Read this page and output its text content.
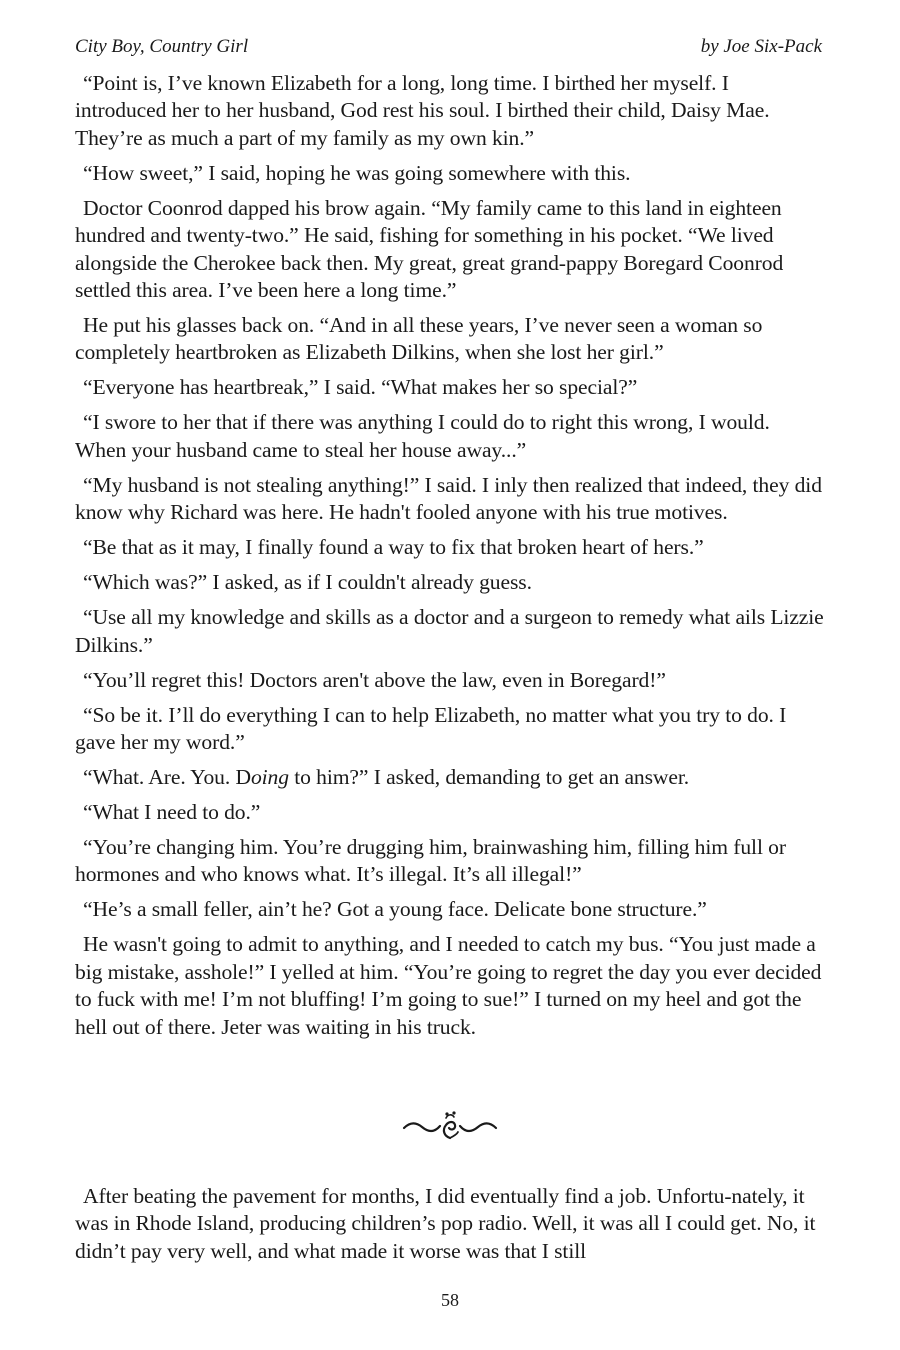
City Boy, Country Girl	by Joe Six-Pack

“Point is, I’ve known Elizabeth for a long, long time. I birthed her myself. I introduced her to her husband, God rest his soul. I birthed their child, Daisy Mae. They’re as much a part of my family as my own kin.”

“How sweet,” I said, hoping he was going somewhere with this.

Doctor Coonrod dapped his brow again. “My family came to this land in eighteen hundred and twenty-two.” He said, fishing for something in his pocket. “We lived alongside the Cherokee back then. My great, great grand-pappy Boregard Coonrod settled this area. I’ve been here a long time.”

He put his glasses back on. “And in all these years, I’ve never seen a woman so completely heartbroken as Elizabeth Dilkins, when she lost her girl.”

“Everyone has heartbreak,” I said. “What makes her so special?”

“I swore to her that if there was anything I could do to right this wrong, I would. When your husband came to steal her house away...”

“My husband is not stealing anything!” I said. I inly then realized that indeed, they did know why Richard was here. He hadn't fooled anyone with his true motives.

“Be that as it may, I finally found a way to fix that broken heart of hers.”

“Which was?” I asked, as if I couldn't already guess.

“Use all my knowledge and skills as a doctor and a surgeon to remedy what ails Lizzie Dilkins.”

“You’ll regret this! Doctors aren't above the law, even in Boregard!”

“So be it. I’ll do everything I can to help Elizabeth, no matter what you try to do. I gave her my word.”

“What. Are. You. Doing to him?” I asked, demanding to get an answer.

“What I need to do.”

“You’re changing him. You’re drugging him, brainwashing him, filling him full or hormones and who knows what. It’s illegal. It’s all illegal!”

“He’s a small feller, ain’t he? Got a young face. Delicate bone structure.”

He wasn't going to admit to anything, and I needed to catch my bus. “You just made a big mistake, asshole!” I yelled at him. “You’re going to regret the day you ever decided to fuck with me! I’m not bluffing! I’m going to sue!” I turned on my heel and got the hell out of there. Jeter was waiting in his truck.

After beating the pavement for months, I did eventually find a job. Unfortu-nately, it was in Rhode Island, producing children’s pop radio. Well, it was all I could get. No, it didn’t pay very well, and what made it worse was that I still

58
